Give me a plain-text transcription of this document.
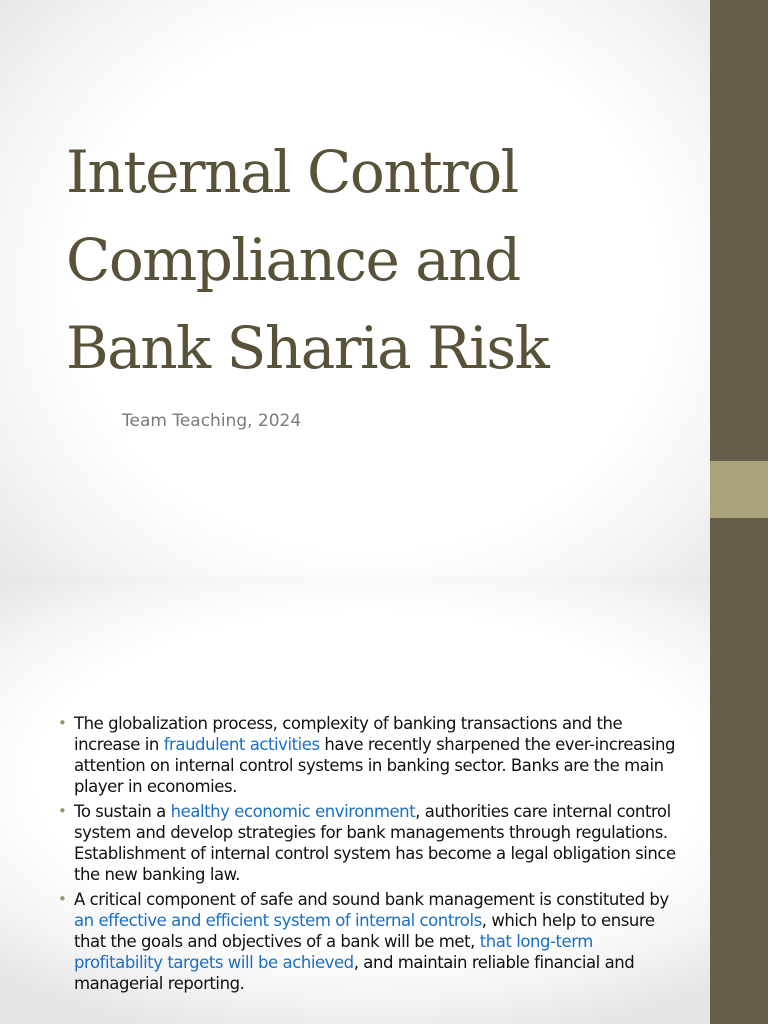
Internal Control
Compliance and
Bank Sharia Risk
Team Teaching, 2024
• The globalization process, complexity of banking transactions and the increase in fraudulent activities have recently sharpened the ever-increasing attention on internal control systems in banking sector. Banks are the main player in economies.
• To sustain a healthy economic environment, authorities care internal control system and develop strategies for bank managements through regulations. Establishment of internal control system has become a legal obligation since the new banking law.
• A critical component of safe and sound bank management is constituted by an effective and efficient system of internal controls, which help to ensure that the goals and objectives of a bank will be met, that long-term profitability targets will be achieved, and maintain reliable financial and managerial reporting.
